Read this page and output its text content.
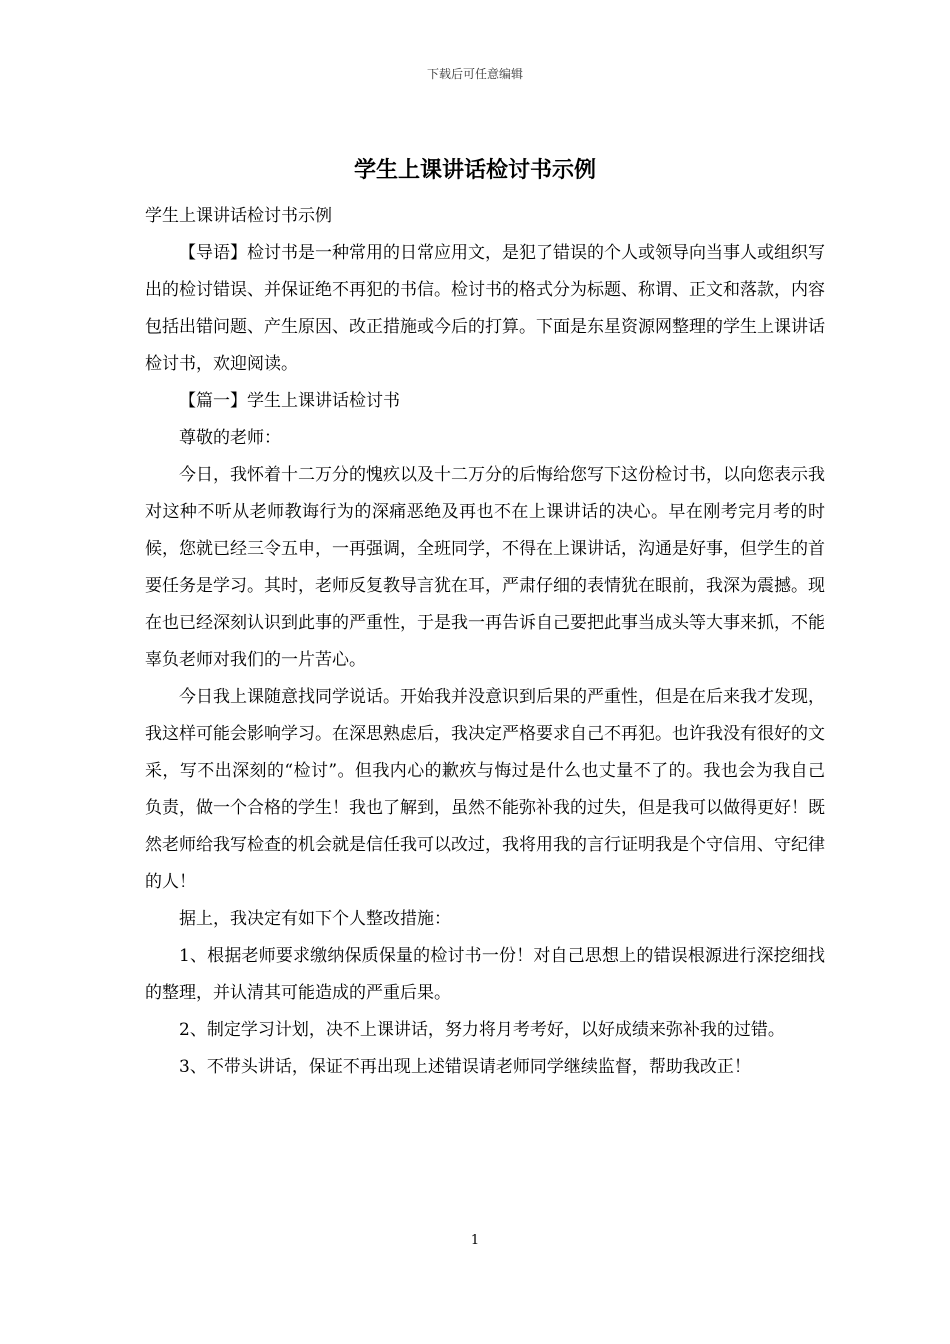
下载后可任意编辑
学生上课讲话检讨书示例

学生上课讲话检讨书示例

【导语】检讨书是一种常用的日常应用文，是犯了错误的个人或领导向当事人或组织写出的检讨错误、并保证绝不再犯的书信。检讨书的格式分为标题、称谓、正文和落款，内容包括出错问题、产生原因、改正措施或今后的打算。下面是东星资源网整理的学生上课讲话检讨书，欢迎阅读。

【篇一】学生上课讲话检讨书

尊敬的老师：

今日，我怀着十二万分的愧疚以及十二万分的后悔给您写下这份检讨书，以向您表示我对这种不听从老师教诲行为的深痛恶绝及再也不在上课讲话的决心。早在刚考完月考的时候，您就已经三令五申，一再强调，全班同学，不得在上课讲话，沟通是好事，但学生的首要任务是学习。其时，老师反复教导言犹在耳，严肃仔细的表情犹在眼前，我深为震撼。现在也已经深刻认识到此事的严重性，于是我一再告诉自己要把此事当成头等大事来抓，不能辜负老师对我们的一片苦心。

今日我上课随意找同学说话。开始我并没意识到后果的严重性，但是在后来我才发现，我这样可能会影响学习。在深思熟虑后，我决定严格要求自己不再犯。也许我没有很好的文采，写不出深刻的“检讨”。但我内心的歉疚与悔过是什么也丈量不了的。我也会为我自己负责，做一个合格的学生！我也了解到，虽然不能弥补我的过失，但是我可以做得更好！既然老师给我写检查的机会就是信任我可以改过，我将用我的言行证明我是个守信用、守纪律的人！

据上，我决定有如下个人整改措施：

1、根据老师要求缴纳保质保量的检讨书一份！对自己思想上的错误根源进行深挖细找的整理，并认清其可能造成的严重后果。

2、制定学习计划，决不上课讲话，努力将月考考好，以好成绩来弥补我的过错。

3、不带头讲话，保证不再出现上述错误请老师同学继续监督，帮助我改正！

1
